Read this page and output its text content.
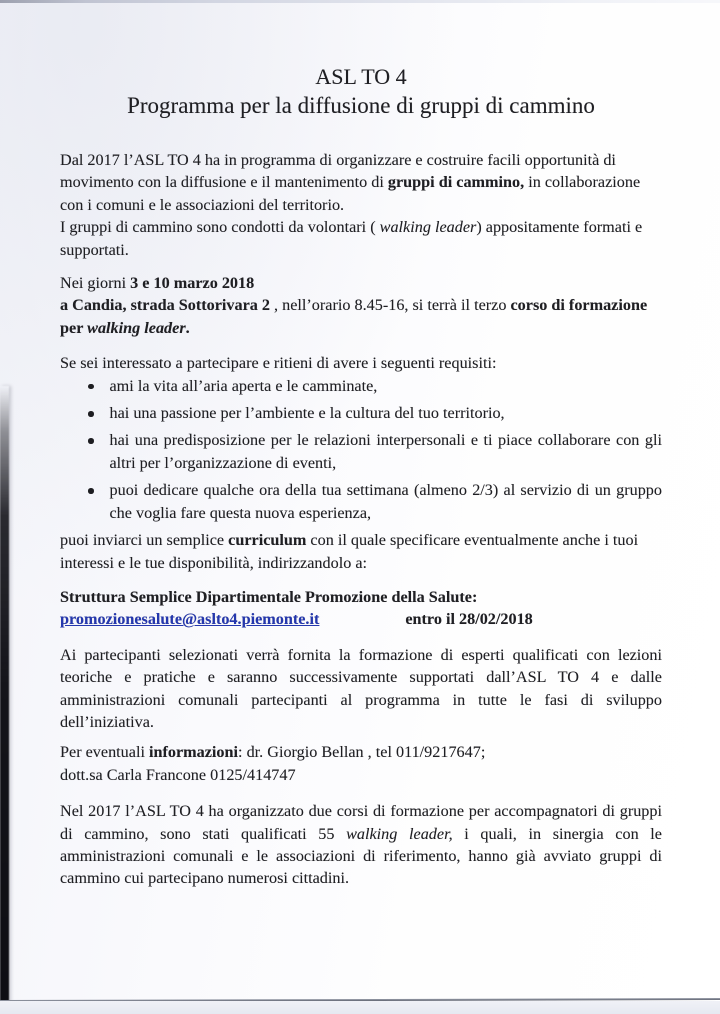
ASL TO 4
Programma per la diffusione di gruppi di cammino

Dal 2017 l’ASL TO 4 ha in programma di organizzare e costruire facili opportunità di movimento con la diffusione e il mantenimento di gruppi di cammino, in collaborazione con i comuni e le associazioni del territorio.
I gruppi di cammino sono condotti da volontari ( walking leader) appositamente formati e supportati.

Nei giorni 3 e 10 marzo 2018
a Candia, strada Sottorivara 2 , nell’orario 8.45-16, si terrà il terzo corso di formazione per walking leader.

Se sei interessato a partecipare e ritieni di avere i seguenti requisiti:

ami la vita all’aria aperta e le camminate,
hai una passione per l’ambiente e la cultura del tuo territorio,
hai una predisposizione per le relazioni interpersonali e ti piace collaborare con gli altri per l’organizzazione di eventi,
puoi dedicare qualche ora della tua settimana (almeno 2/3) al servizio di un gruppo che voglia fare questa nuova esperienza,

puoi inviarci un semplice curriculum con il quale specificare eventualmente anche i tuoi interessi e le tue disponibilità, indirizzandolo a:

Struttura Semplice Dipartimentale Promozione della Salute:

promozionesalute@aslto4.piemonte.it	entro il 28/02/2018

Ai partecipanti selezionati verrà fornita la formazione di esperti qualificati con lezioni teoriche e pratiche e saranno successivamente supportati dall’ASL TO 4 e dalle amministrazioni comunali partecipanti al programma in tutte le fasi di sviluppo dell’iniziativa.

Per eventuali informazioni: dr. Giorgio Bellan , tel 011/9217647;
dott.sa Carla Francone 0125/414747

Nel 2017 l’ASL TO 4 ha organizzato due corsi di formazione per accompagnatori di gruppi di cammino, sono stati qualificati 55 walking leader, i quali, in sinergia con le amministrazioni comunali e le associazioni di riferimento, hanno già avviato gruppi di cammino cui partecipano numerosi cittadini.
